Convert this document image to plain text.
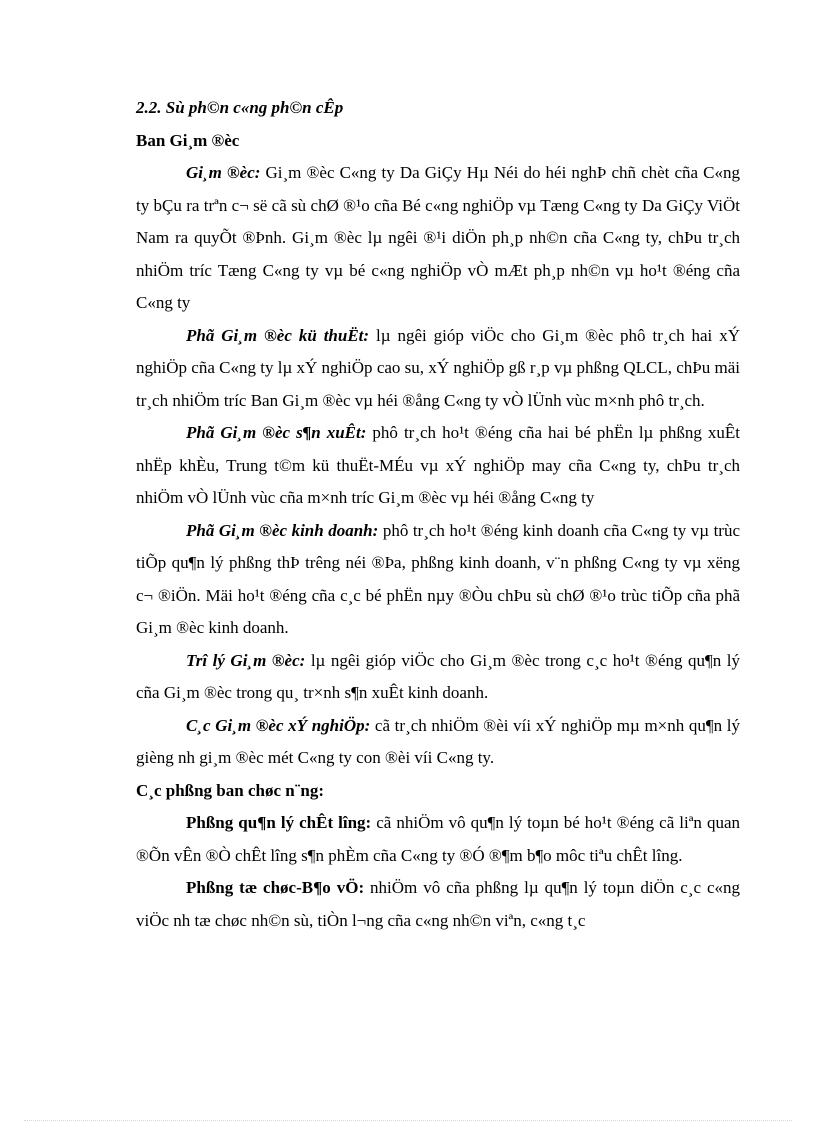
2.2. Sù ph©n c«ng ph©n cÊp

Ban Gi¸m ®èc

Gi¸m ®èc: Gi¸m ®èc C«ng ty Da GiÇy Hµ Néi do héi nghÞ chñ chèt cña C«ng ty bÇu ra trªn c¬ së cã sù chØ ®¹o cña Bé c«ng nghiÖp vµ Tæng C«ng ty Da GiÇy ViÖt Nam ra quyÕt ®Þnh. Gi¸m ®èc lµ ngêi ®¹i diÖn ph¸p nh©n cña C«ng ty, chÞu tr¸ch nhiÖm tríc Tæng C«ng ty vµ bé c«ng nghiÖp vÒ mÆt ph¸p nh©n vµ ho¹t ®éng cña C«ng ty

Phã Gi¸m ®èc kü thuËt: lµ ngêi gióp viÖc cho Gi¸m ®èc phô tr¸ch hai xÝ nghiÖp cña C«ng ty lµ xÝ nghiÖp cao su, xÝ nghiÖp gß r¸p vµ phßng QLCL, chÞu mäi tr¸ch nhiÖm tríc Ban Gi¸m ®èc vµ héi ®ång C«ng ty vÒ lÜnh vùc m×nh phô tr¸ch.

Phã Gi¸m ®èc s¶n xuÊt: phô tr¸ch ho¹t ®éng cña hai bé phËn lµ phßng xuÊt nhËp khÈu, Trung t©m kü thuËt-MÉu vµ xÝ nghiÖp may cña C«ng ty, chÞu tr¸ch nhiÖm vÒ lÜnh vùc cña m×nh tríc Gi¸m ®èc vµ héi ®ång C«ng ty

Phã Gi¸m ®èc kinh doanh: phô tr¸ch ho¹t ®éng kinh doanh cña C«ng ty vµ trùc tiÕp qu¶n lý phßng thÞ trêng néi ®Þa, phßng kinh doanh, v¨n phßng C«ng ty vµ xëng c¬ ®iÖn. Mäi ho¹t ®éng cña c¸c bé phËn nµy ®Òu chÞu sù chØ ®¹o trùc tiÕp cña phã Gi¸m ®èc kinh doanh.

Trî lý Gi¸m ®èc: lµ ngêi gióp viÖc cho Gi¸m ®èc trong c¸c ho¹t ®éng qu¶n lý cña Gi¸m ®èc trong qu¸ tr×nh s¶n xuÊt kinh doanh.

C¸c Gi¸m ®èc xÝ nghiÖp: cã tr¸ch nhiÖm ®èi víi xÝ nghiÖp mµ m×nh qu¶n lý gièng nh gi¸m ®èc mét C«ng ty con ®èi víi C«ng ty.

C¸c phßng ban chøc n¨ng:

Phßng qu¶n lý chÊt lîng: cã nhiÖm vô qu¶n lý toµn bé ho¹t ®éng cã liªn quan ®Õn vÊn ®Ò chÊt lîng s¶n phÈm cña C«ng ty ®Ó ®¶m b¶o môc tiªu chÊt lîng.

Phßng tæ chøc-B¶o vÖ: nhiÖm vô cña phßng lµ qu¶n lý toµn diÖn c¸c c«ng viÖc nh tæ chøc nh©n sù, tiÒn l¬ng cña c«ng nh©n viªn, c«ng t¸c
